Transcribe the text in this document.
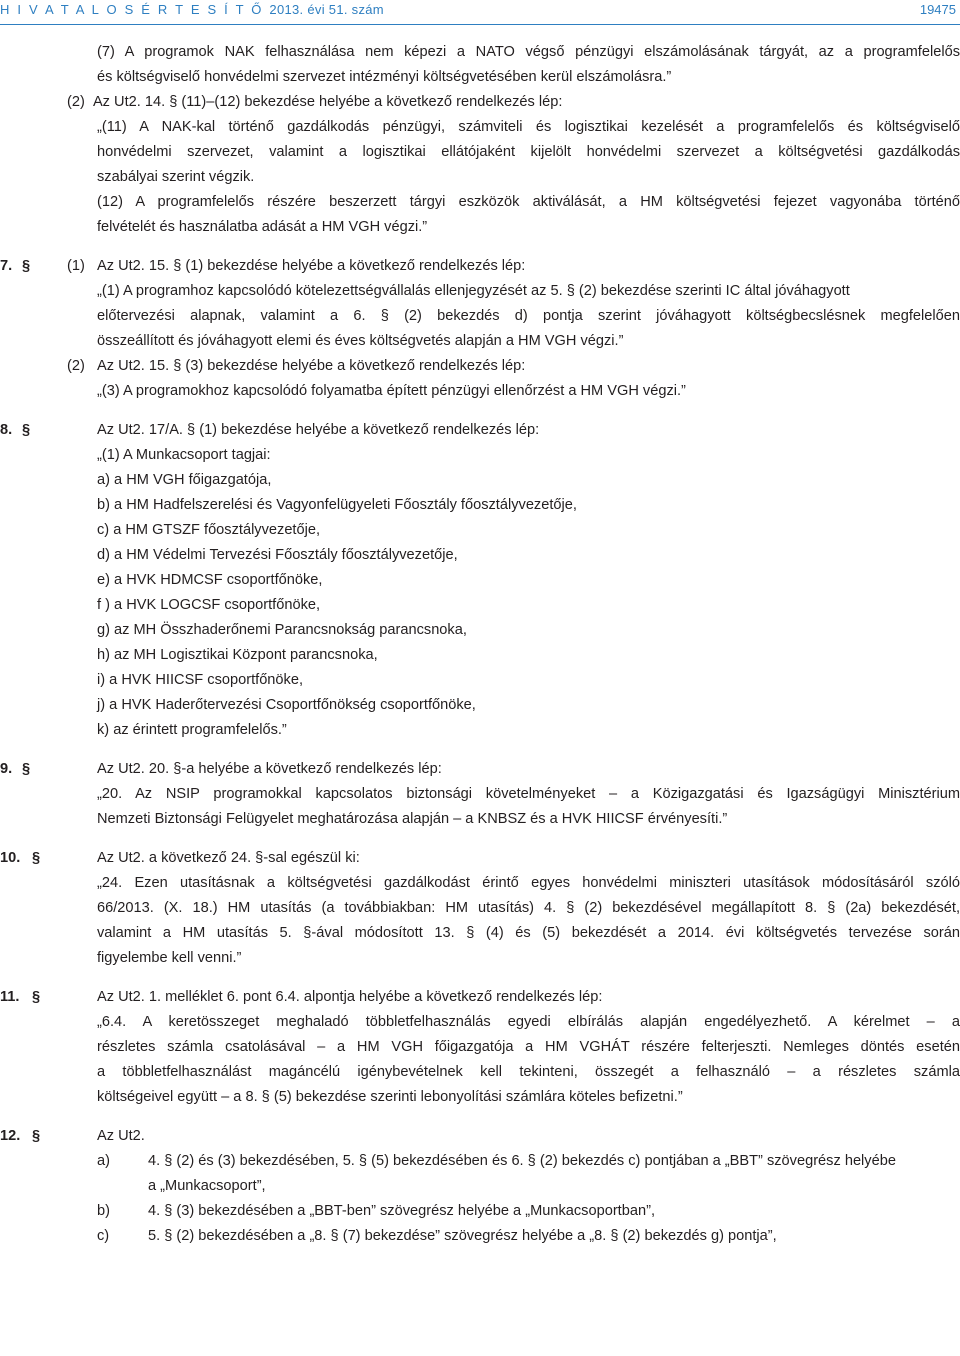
H I V A T A L O S É R T E S Í T Ő 2013. évi 51. szám	19475
(7) A programok NAK felhasználása nem képezi a NATO végső pénzügyi elszámolásának tárgyát, az a programfelelős
és költségviselő honvédelmi szervezet intézményi költségvetésében kerül elszámolásra.”
(2)  Az Ut2. 14. § (11)–(12) bekezdése helyébe a következő rendelkezés lép:
„(11) A NAK-kal történő gazdálkodás pénzügyi, számviteli és logisztikai kezelését a programfelelős és költségviselő
honvédelmi szervezet, valamint a logisztikai ellátójaként kijelölt honvédelmi szervezet a költségvetési gazdálkodás
szabályai szerint végzik.
(12) A programfelelős részére beszerzett tárgyi eszközök aktiválását, a HM költségvetési fejezet vagyonába történő
felvételét és használatba adását a HM VGH végzi.”
7. §	(1) Az Ut2. 15. § (1) bekezdése helyébe a következő rendelkezés lép:
„(1) A programhoz kapcsolódó kötelezettségvállalás ellenjegyzését az 5. § (2) bekezdése szerinti IC által jóváhagyott
előtervezési alapnak, valamint a 6. § (2) bekezdés d) pontja szerint jóváhagyott költségbecslésnek megfelelően
összeállított és jóváhagyott elemi és éves költségvetés alapján a HM VGH végzi.”
(2) Az Ut2. 15. § (3) bekezdése helyébe a következő rendelkezés lép:
„(3) A programokhoz kapcsolódó folyamatba épített pénzügyi ellenőrzést a HM VGH végzi.”
8. §	Az Ut2. 17/A. § (1) bekezdése helyébe a következő rendelkezés lép:
„(1) A Munkacsoport tagjai:
a) a HM VGH főigazgatója,
b) a HM Hadfelszerelési és Vagyonfelügyeleti Főosztály főosztályvezetője,
c) a HM GTSZF főosztályvezetője,
d) a HM Védelmi Tervezési Főosztály főosztályvezetője,
e) a HVK HDMCSF csoportfőnöke,
f ) a HVK LOGCSF csoportfőnöke,
g) az MH Összhaderőnemi Parancsnokság parancsnoka,
h) az MH Logisztikai Központ parancsnoka,
i) a HVK HIICSF csoportfőnöke,
j) a HVK Haderőtervezési Csoportfőnökség csoportfőnöke,
k) az érintett programfelelős.”
9. §	Az Ut2. 20. §-a helyébe a következő rendelkezés lép:
„20. Az NSIP programokkal kapcsolatos biztonsági követelményeket – a Közigazgatási és Igazságügyi Minisztérium
Nemzeti Biztonsági Felügyelet meghatározása alapján – a KNBSZ és a HVK HIICSF érvényesíti.”
10. §	Az Ut2. a következő 24. §-sal egészül ki:
„24. Ezen utasításnak a költségvetési gazdálkodást érintő egyes honvédelmi miniszteri utasítások módosításáról szóló
66/2013. (X. 18.) HM utasítás (a továbbiakban: HM utasítás) 4. § (2) bekezdésével megállapított 8. § (2a) bekezdését,
valamint a HM utasítás 5. §-ával módosított 13. § (4) és (5) bekezdését a 2014. évi költségvetés tervezése során
figyelembe kell venni.”
11. §	Az Ut2. 1. melléklet 6. pont 6.4. alpontja helyébe a következő rendelkezés lép:
„6.4. A keretösszeget meghaladó többletfelhasználás egyedi elbírálás alapján engedélyezhető. A kérelmet – a
részletes számla csatolásával – a HM VGH főigazgatója a HM VGHÁT részére felterjeszti. Nemleges döntés esetén
a többletfelhasználást magáncélú igénybevételnek kell tekinteni, összegét a felhasználó – a részletes számla
költségeivel együtt – a 8. § (5) bekezdése szerinti lebonyolítási számlára köteles befizetni.”
12. §	Az Ut2.
a)	4. § (2) és (3) bekezdésében, 5. § (5) bekezdésében és 6. § (2) bekezdés c) pontjában a „BBT” szövegrész helyébe
a „Munkacsoport”,
b)	4. § (3) bekezdésében a „BBT-ben” szövegrész helyébe a „Munkacsoportban”,
c)	5. § (2) bekezdésében a „8. § (7) bekezdése” szövegrész helyébe a „8. § (2) bekezdés g) pontja”,
